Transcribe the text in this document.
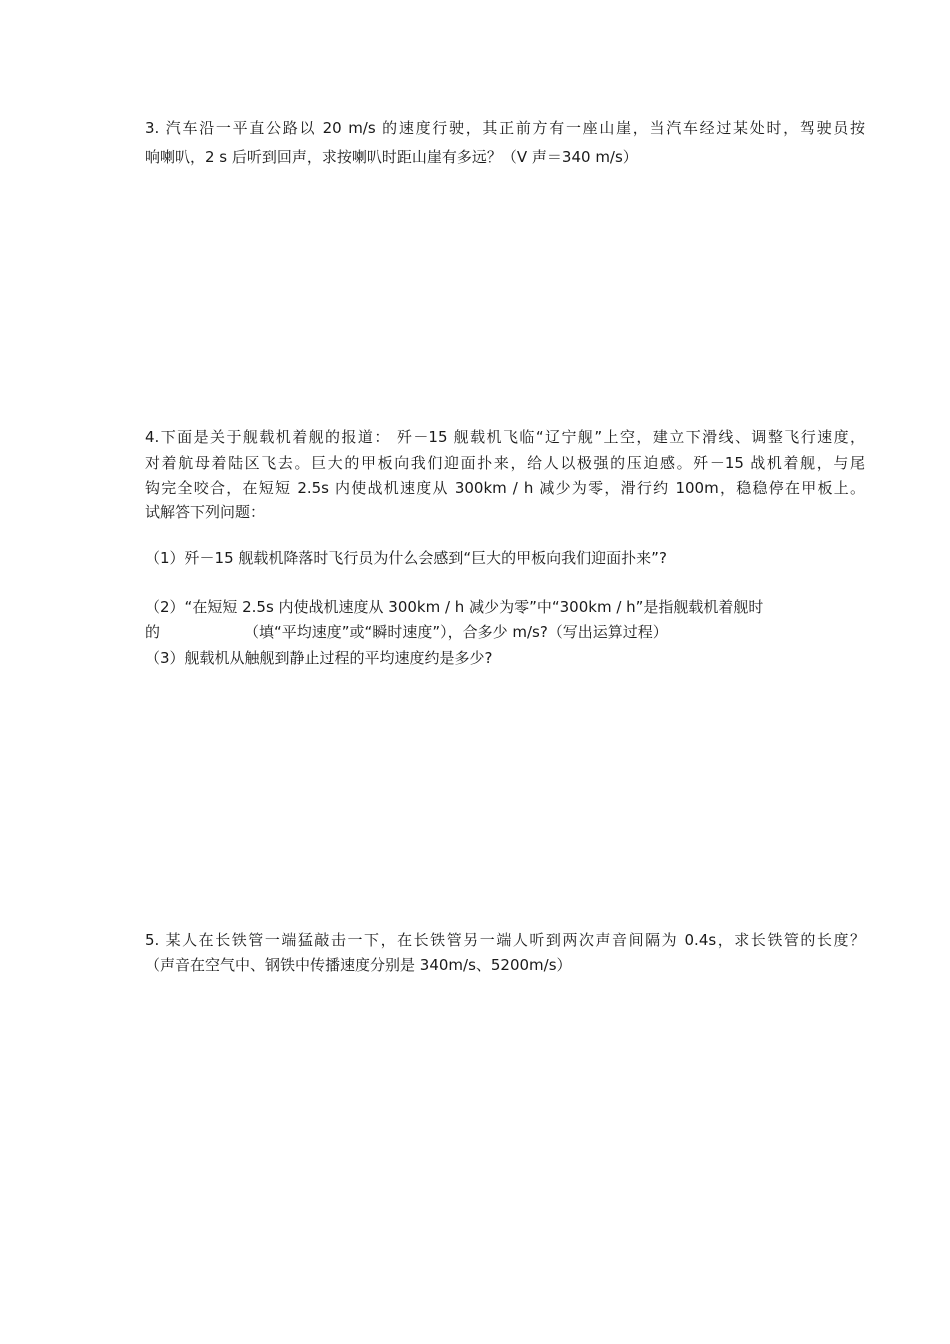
3. 汽车沿一平直公路以 20 m/s 的速度行驶，其正前方有一座山崖，当汽车经过某处时，驾驶员按
响喇叭，2 s 后听到回声，求按喇叭时距山崖有多远？（V 声＝340 m/s）
4.下面是关于舰载机着舰的报道： 歼－15 舰载机飞临“辽宁舰”上空，建立下滑线、调整飞行速度，
对着航母着陆区飞去。巨大的甲板向我们迎面扑来，给人以极强的压迫感。歼－15 战机着舰，与尾
钩完全咬合，在短短 2.5s 内使战机速度从 300km / h 减少为零，滑行约 100m，稳稳停在甲板上。
试解答下列问题：
（1）歼－15 舰载机降落时飞行员为什么会感到“巨大的甲板向我们迎面扑来”?
（2）“在短短 2.5s 内使战机速度从 300km / h 减少为零”中“300km / h”是指舰载机着舰时
的	（填“平均速度”或“瞬时速度”），合多少 m/s?（写出运算过程）
（3）舰载机从触舰到静止过程的平均速度约是多少?
5. 某人在长铁管一端猛敲击一下，在长铁管另一端人听到两次声音间隔为 0.4s，求长铁管的长度？
（声音在空气中、钢铁中传播速度分别是 340m/s、5200m/s）
